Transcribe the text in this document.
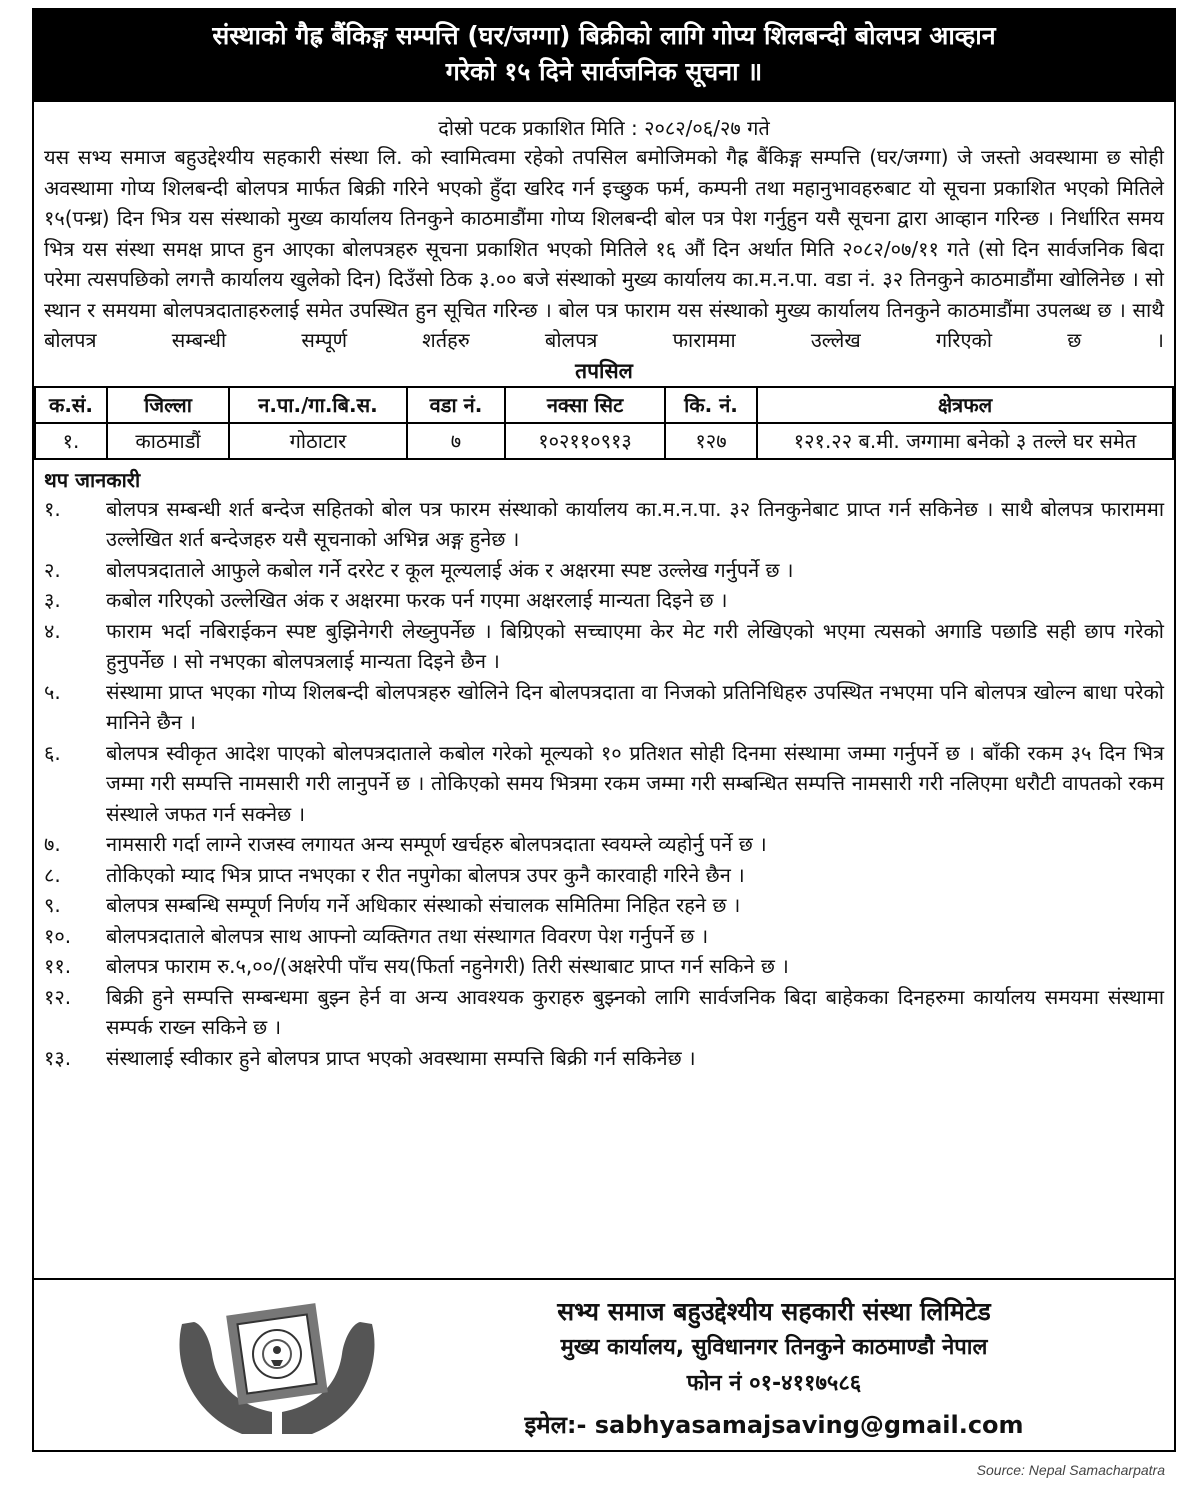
संस्थाको गैह्र बैंकिङ्ग सम्पत्ति (घर/जग्गा) बिक्रीको लागि गोप्य शिलबन्दी बोलपत्र आव्हान
गरेको १५ दिने सार्वजनिक सूचना ॥
दोस्रो पटक प्रकाशित मिति : २०८२/०६/२७ गते

यस सभ्य समाज बहुउद्देश्यीय सहकारी संस्था लि. को स्वामित्वमा रहेको तपसिल बमोजिमको गैह्र बैंकिङ्ग सम्पत्ति (घर/जग्गा) जे जस्तो अवस्थामा छ सोही अवस्थामा गोप्य शिलबन्दी बोलपत्र मार्फत बिक्री गरिने भएको हुँदा खरिद गर्न इच्छुक फर्म, कम्पनी तथा महानुभावहरुबाट यो सूचना प्रकाशित भएको मितिले १५(पन्ध्र) दिन भित्र यस संस्थाको मुख्य कार्यालय तिनकुने काठमाडौंमा गोप्य शिलबन्दी बोल पत्र पेश गर्नुहुन यसै सूचना द्वारा आव्हान गरिन्छ । निर्धारित समय भित्र यस संस्था समक्ष प्राप्त हुन आएका बोलपत्रहरु सूचना प्रकाशित भएको मितिले १६ औं दिन अर्थात मिति २०८२/०७/११ गते (सो दिन सार्वजनिक बिदा परेमा त्यसपछिको लगत्तै कार्यालय खुलेको दिन) दिउँसो ठिक ३.०० बजे संस्थाको मुख्य कार्यालय का.म.न.पा. वडा नं. ३२ तिनकुने काठमाडौंमा खोलिनेछ । सो स्थान र समयमा बोलपत्रदाताहरुलाई समेत उपस्थित हुन सूचित गरिन्छ । बोल पत्र फाराम यस संस्थाको मुख्य कार्यालय तिनकुने काठमाडौंमा उपलब्ध छ । साथै बोलपत्र सम्बन्धी सम्पूर्ण शर्तहरु बोलपत्र फाराममा उल्लेख गरिएको छ ।

तपसिल
क.सं.	जिल्ला	न.पा./गा.बि.स.	वडा नं.	नक्सा सिट	कि. नं.	क्षेत्रफल
१.	काठमाडौं	गोठाटार	७	१०२११०९१३	१२७	१२१.२२ ब.मी. जग्गामा बनेको ३ तल्ले घर समेत
थप जानकारी
१.	बोलपत्र सम्बन्धी शर्त बन्देज सहितको बोल पत्र फारम संस्थाको कार्यालय का.म.न.पा. ३२ तिनकुनेबाट प्राप्त गर्न सकिनेछ । साथै बोलपत्र फाराममा उल्लेखित शर्त बन्देजहरु यसै सूचनाको अभिन्न अङ्ग हुनेछ ।
२.	बोलपत्रदाताले आफुले कबोल गर्ने दररेट र कूल मूल्यलाई अंक र अक्षरमा स्पष्ट उल्लेख गर्नुपर्ने छ ।
३.	कबोल गरिएको उल्लेखित अंक र अक्षरमा फरक पर्न गएमा अक्षरलाई मान्यता दिइने छ ।
४.	फाराम भर्दा नबिराईकन स्पष्ट बुझिनेगरी लेख्नुपर्नेछ । बिग्रिएको सच्चाएमा केर मेट गरी लेखिएको भएमा त्यसको अगाडि पछाडि सही छाप गरेको हुनुपर्नेछ । सो नभएका बोलपत्रलाई मान्यता दिइने छैन ।
५.	संस्थामा प्राप्त भएका गोप्य शिलबन्दी बोलपत्रहरु खोलिने दिन बोलपत्रदाता वा निजको प्रतिनिधिहरु उपस्थित नभएमा पनि बोलपत्र खोल्न बाधा परेको मानिने छैन ।
६.	बोलपत्र स्वीकृत आदेश पाएको बोलपत्रदाताले कबोल गरेको मूल्यको १० प्रतिशत सोही दिनमा संस्थामा जम्मा गर्नुपर्ने छ । बाँकी रकम ३५ दिन भित्र जम्मा गरी सम्पत्ति नामसारी गरी लानुपर्ने छ । तोकिएको समय भित्रमा रकम जम्मा गरी सम्बन्धित सम्पत्ति नामसारी गरी नलिएमा धरौटी वापतको रकम संस्थाले जफत गर्न सक्नेछ ।
७.	नामसारी गर्दा लाग्ने राजस्व लगायत अन्य सम्पूर्ण खर्चहरु बोलपत्रदाता स्वयम्ले व्यहोर्नु पर्ने छ ।
८.	तोकिएको म्याद भित्र प्राप्त नभएका र रीत नपुगेका बोलपत्र उपर कुनै कारवाही गरिने छैन ।
९.	बोलपत्र सम्बन्धि सम्पूर्ण निर्णय गर्ने अधिकार संस्थाको संचालक समितिमा निहित रहने छ ।
१०.	बोलपत्रदाताले बोलपत्र साथ आफ्नो व्यक्तिगत तथा संस्थागत विवरण पेश गर्नुपर्ने छ ।
११.	बोलपत्र फाराम रु.५,००/(अक्षरेपी पाँच सय(फिर्ता नहुनेगरी) तिरी संस्थाबाट प्राप्त गर्न सकिने छ ।
१२.	बिक्री हुने सम्पत्ति सम्बन्धमा बुझ्न हेर्न वा अन्य आवश्यक कुराहरु बुझ्नको लागि सार्वजनिक बिदा बाहेकका दिनहरुमा कार्यालय समयमा संस्थामा सम्पर्क राख्न सकिने छ ।
१३.	संस्थालाई स्वीकार हुने बोलपत्र प्राप्त भएको अवस्थामा सम्पत्ति बिक्री गर्न सकिनेछ ।
सभ्य समाज बहुउद्देश्यीय सहकारी संस्था लिमिटेड
मुख्य कार्यालय, सुविधानगर तिनकुने काठमाण्डौ नेपाल
फोन नं ०१-४११७५८६
इमेल:- sabhyasamajsaving@gmail.com
Source: Nepal Samacharpatra
